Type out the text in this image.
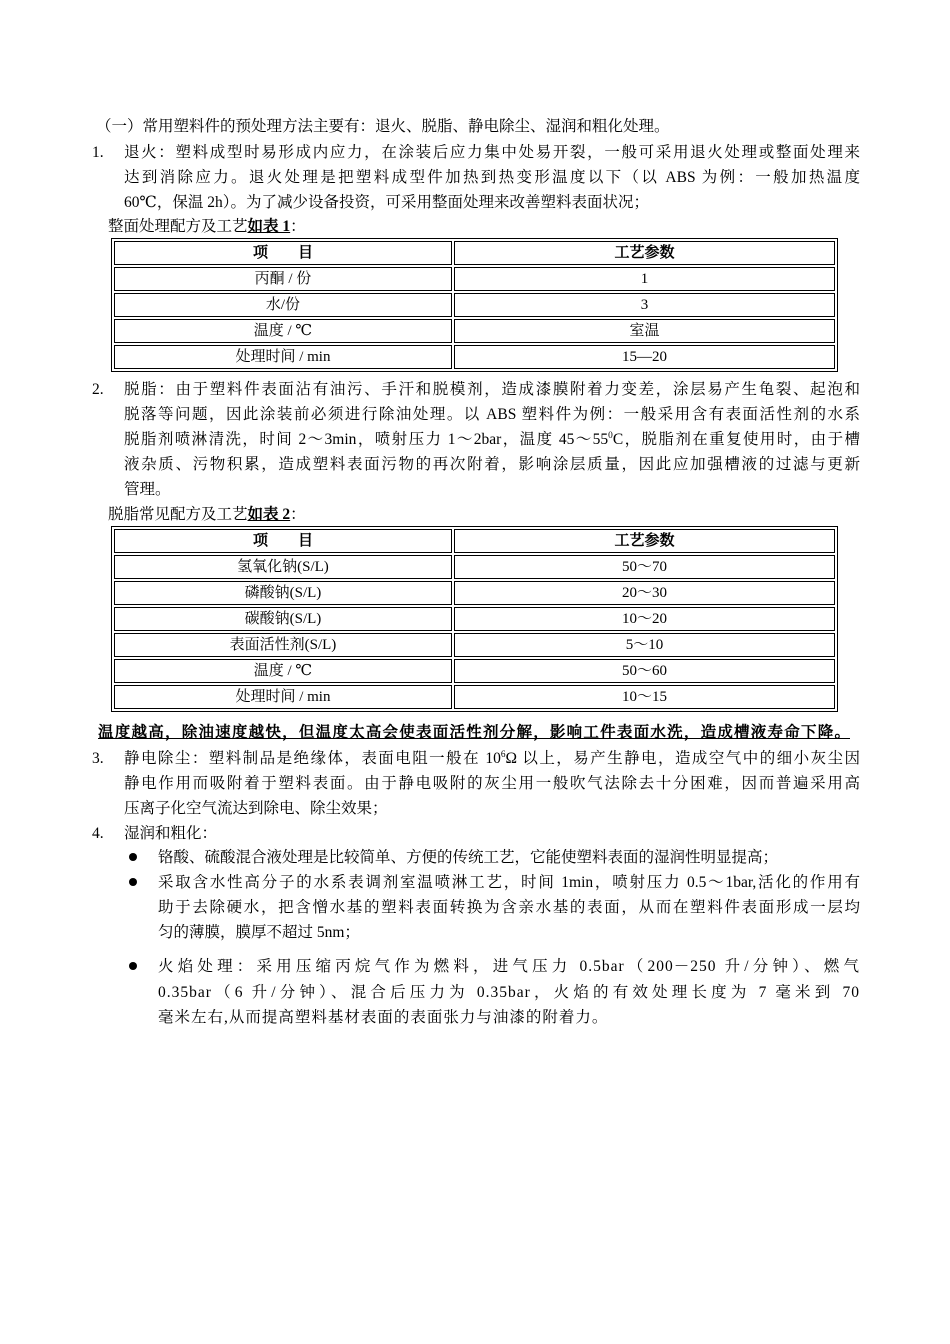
（一）常用塑料件的预处理方法主要有：退火、脱脂、静电除尘、湿润和粗化处理。
1. 退火：塑料成型时易形成内应力，在涂装后应力集中处易开裂，一般可采用退火处理或整面处理来
达到消除应力。退火处理是把塑料成型件加热到热变形温度以下（以 ABS 为例：一般加热温度
60℃，保温 2h）。为了减少设备投资，可采用整面处理来改善塑料表面状况；
整面处理配方及工艺如表 1：
项　　目	工艺参数
丙酮 / 份	1
水/份	3
温度 / ℃	室温
处理时间 / min	15—20
2. 脱脂：由于塑料件表面沾有油污、手汗和脱模剂，造成漆膜附着力变差，涂层易产生龟裂、起泡和
脱落等问题，因此涂装前必须进行除油处理。以 ABS 塑料件为例：一般采用含有表面活性剂的水系
脱脂剂喷淋清洗，时间 2～3min，喷射压力 1～2bar，温度 $45\sim 55^0C$，脱脂剂在重复使用时，由于槽
液杂质、污物积累，造成塑料表面污物的再次附着，影响涂层质量，因此应加强槽液的过滤与更新
管理。
脱脂常见配方及工艺如表 2：
项　　目	工艺参数
氢氧化钠(S/L)	50～70
磷酸钠(S/L)	20～30
碳酸钠(S/L)	10～20
表面活性剂(S/L)	5～10
温度 / ℃	50～60
处理时间 / min	10～15
温度越高，除油速度越快，但温度太高会使表面活性剂分解，影响工件表面水洗，造成槽液寿命下降。
3. 静电除尘：塑料制品是绝缘体，表面电阻一般在 $10^6\Omega$ 以上，易产生静电，造成空气中的细小灰尘因
静电作用而吸附着于塑料表面。由于静电吸附的灰尘用一般吹气法除去十分困难，因而普遍采用高
压离子化空气流达到除电、除尘效果；
4. 湿润和粗化：
铬酸、硫酸混合液处理是比较简单、方便的传统工艺，它能使塑料表面的湿润性明显提高；
采取含水性高分子的水系表调剂室温喷淋工艺，时间 1min，喷射压力 0.5～1bar,活化的作用有
助于去除硬水，把含憎水基的塑料表面转换为含亲水基的表面，从而在塑料件表面形成一层均
匀的薄膜，膜厚不超过 5nm；
火焰处理：采用压缩丙烷气作为燃料，进气压力 0.5bar（200－250 升/分钟）、燃气
0.35bar（6 升/分钟）、混合后压力为 0.35bar，火焰的有效处理长度为 7 毫米到 70
毫米左右,从而提高塑料基材表面的表面张力与油漆的附着力。
